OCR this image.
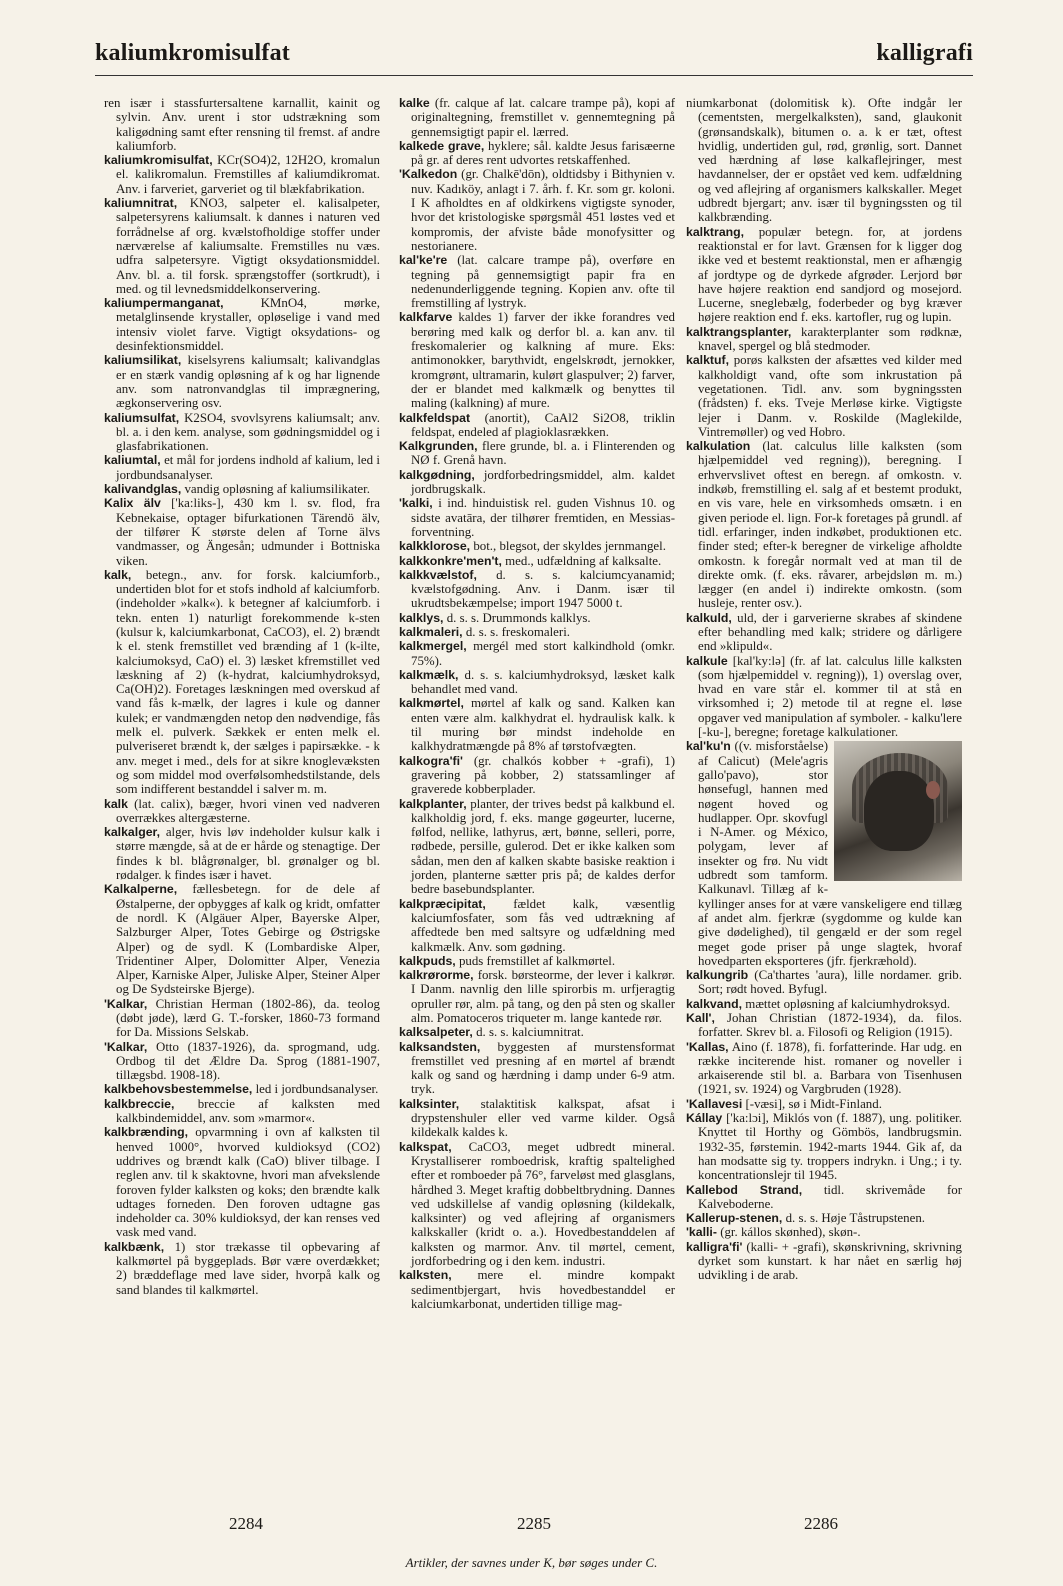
kaliumkromisulfat	kalligrafi

ren især i stassfurtersaltene karnallit, kainit og sylvin. Anv. urent i stor udstrækning som kaligødning samt efter rensning til fremst. af andre kaliumforb.

kaliumkromisulfat, KCr(SO4)2, 12H2O, kromalun el. kalikromalun. Fremstilles af kaliumdikromat. Anv. i farveriet, garveriet og til blækfabrikation.

kaliumnitrat, KNO3, salpeter el. kalisalpeter, salpetersyrens kaliumsalt. k dannes i naturen ved forrådnelse af org. kvælstofholdige stoffer under nærværelse af kaliumsalte. Fremstilles nu væs. udfra salpetersyre. Vigtigt oksydationsmiddel. Anv. bl. a. til forsk. sprængstoffer (sortkrudt), i med. og til levnedsmiddelkonservering.

kaliumpermanganat,	KMnO4, mørke, metalglinsende krystaller, opløselige i vand med intensiv violet farve. Vigtigt oksydations- og desinfektionsmiddel.

kaliumsilikat, kiselsyrens kaliumsalt; kalivandglas er en stærk vandig opløsning af k og har lignende anv. som natronvandglas til imprægnering, ægkonservering osv.

kaliumsulfat, K2SO4, svovlsyrens kaliumsalt; anv. bl. a. i den kem. analyse, som gødningsmiddel og i glasfabrikationen.

kaliumtal, et mål for jordens indhold af kalium, led i jordbundsanalyser.

kalivandglas, vandig opløsning af kaliumsilikater.

Kalix älv ['ka:liks-], 430 km l. sv. flod, fra Kebnekaise, optager bifurkationen Tärendö älv, der tilfører K største delen af Torne älvs vandmasser, og Ängesån; udmunder i Bottniska viken.

kalk, betegn., anv. for forsk. kalciumforb., undertiden blot for et stofs indhold af kalciumforb. (indeholder »kalk«). k betegner af kalciumforb. i tekn. enten 1) naturligt forekommende k-sten (kulsur k, kalciumkarbonat, CaCO3), el. 2) brændt k el. stenk fremstillet ved brænding af 1 (k-ilte, kalciumoksyd, CaO) el. 3) læsket kfremstillet ved læskning af 2) (k-hydrat, kalciumhydroksyd, Ca(OH)2). Foretages læskningen med overskud af vand fås k-mælk, der lagres i kule og danner kulek; er vandmængden netop den nødvendige, fås melk el. pulverk. Sækkek er enten melk el. pulveriseret brændt k, der sælges i papirsække. - k anv. meget i med., dels for at sikre knoglevæksten og som middel mod overfølsomhedstilstande, dels som indifferent bestanddel i salver m. m.

kalk (lat. calix), bæger, hvori vinen ved nadveren overrækkes altergæsterne.

kalkalger, alger, hvis løv indeholder kulsur kalk i større mængde, så at de er hårde og stenagtige. Der findes k bl. blågrønalger, bl. grønalger og bl. rødalger. k findes især i havet.

Kalkalperne, fællesbetegn. for de dele af Østalperne, der opbygges af kalk og kridt, omfatter de nordl. K (Algäuer Alper, Bayerske Alper, Salzburger Alper, Totes Gebirge og Østrigske Alper) og de sydl. K (Lombardiske Alper, Tridentiner Alper, Dolomitter Alper, Venezia Alper, Karniske Alper, Juliske Alper, Steiner Alper og De Sydsteirske Bjerge).

'Kalkar, Christian Herman (1802-86), da. teolog (døbt jøde), lærd G. T.-forsker, 1860-73 formand for Da. Missions Selskab.

'Kalkar, Otto (1837-1926), da. sprogmand, udg. Ordbog til det Ældre Da. Sprog (1881-1907, tillægsbd. 1908-18).

kalkbehovsbestemmelse, led i jordbundsanalyser.

kalkbreccie, breccie af kalksten med kalkbindemiddel, anv. som »marmor«.

kalkbrænding, opvarmning i ovn af kalksten til henved 1000°, hvorved kuldioksyd (CO2) uddrives og brændt kalk (CaO) bliver tilbage. I reglen anv. til k skaktovne, hvori man afvekslende foroven fylder kalksten og koks; den brændte kalk udtages forneden. Den foroven udtagne gas indeholder ca. 30% kuldioksyd, der kan renses ved vask med vand.

kalkbænk, 1) stor trækasse til opbevaring af kalkmørtel på byggeplads. Bør være overdækket; 2) bræddeflage med lave sider, hvorpå kalk og sand blandes til kalkmørtel.

kalke (fr. calque af lat. calcare trampe på), kopi af originaltegning, fremstillet v. gennemtegning på gennemsigtigt papir el. lærred.

kalkede grave, hyklere; sål. kaldte Jesus farisæerne på gr. af deres rent udvortes retskaffenhed.

'Kalkedon (gr. Chalkē'dōn), oldtidsby i Bithynien v. nuv. Kadıköy, anlagt i 7. årh. f. Kr. som gr. koloni. I K afholdtes en af oldkirkens vigtigste synoder, hvor det kristologiske spørgsmål 451 løstes ved et kompromis, der afviste både monofysitter og nestorianere.

kal'ke're (lat. calcare trampe på), overføre en tegning på gennemsigtigt papir fra en nedenunderliggende tegning. Kopien anv. ofte til fremstilling af lystryk.

kalkfarve kaldes 1) farver der ikke forandres ved berøring med kalk og derfor bl. a. kan anv. til freskomalerier og kalkning af mure. Eks: antimonokker, barythvidt, engelskrødt, jernokker, kromgrønt, ultramarin, kulørt glaspulver; 2) farver, der er blandet med kalkmælk og benyttes til maling (kalkning) af mure.

kalkfeldspat (anortit), CaAl2 Si2O8, triklin feldspat, endeled af plagioklasrækken.

Kalkgrunden, flere grunde, bl. a. i Flinterenden og NØ f. Grenå havn.

kalkgødning, jordforbedringsmiddel, alm. kaldet jordbrugskalk.

'kalki, i ind. hinduistisk rel. guden Vishnus 10. og sidste avatāra, der tilhører fremtiden, en Messias-forventning.

kalkklorose, bot., blegsot, der skyldes jernmangel.

kalkkonkre'men't, med., udfældning af kalksalte.

kalkkvælstof, d. s. s. kalciumcyanamid; kvælstofgødning. Anv. i Danm. især til ukrudtsbekæmpelse; import 1947 5000 t.

kalklys, d. s. s. Drummonds kalklys.

kalkmaleri, d. s. s. freskomaleri.

kalkmergel, mergél med stort kalkindhold (omkr. 75%).

kalkmælk, d. s. s. kalciumhydroksyd, læsket kalk behandlet med vand.

kalkmørtel, mørtel af kalk og sand. Kalken kan enten være alm. kalkhydrat el. hydraulisk kalk. k til muring bør mindst indeholde en kalkhydratmængde på 8% af tørstofvægten.

kalkogra'fi' (gr. chalkós kobber + -grafi), 1) gravering på kobber, 2) statssamlinger af graverede kobberplader.

kalkplanter, planter, der trives bedst på kalkbund el. kalkholdig jord, f. eks. mange gøgeurter, lucerne, følfod, nellike, lathyrus, ært, bønne, selleri, porre, rødbede, persille, gulerod. Det er ikke kalken som sådan, men den af kalken skabte basiske reaktion i jorden, planterne sætter pris på; de kaldes derfor bedre basebundsplanter.

kalkpræcipitat, fældet kalk, væsentlig kalciumfosfater, som fås ved udtrækning af affedtede ben med saltsyre og udfældning med kalkmælk. Anv. som gødning.

kalkpuds, puds fremstillet af kalkmørtel.

kalkrørorme, forsk. børsteorme, der lever i kalkrør. I Danm. navnlig den lille spirorbis m. urfjeragtig opruller rør, alm. på tang, og den på sten og skaller alm. Pomatoceros triqueter m. lange kantede rør.

kalksalpeter, d. s. s. kalciumnitrat.

kalksandsten, byggesten af murstensformat fremstillet ved presning af en mørtel af brændt kalk og sand og hærdning i damp under 6-9 atm. tryk.

kalksinter, stalaktitisk kalkspat, afsat i drypstenshuler eller ved varme kilder. Også kildekalk kaldes k.

kalkspat, CaCO3, meget udbredt mineral. Krystalliserer romboedrisk, kraftig spaltelighed efter et romboeder på 76°, farveløst med glasglans, hårdhed 3. Meget kraftig dobbeltbrydning. Dannes ved udskillelse af vandig opløsning (kildekalk, kalksinter) og ved aflejring af organismers kalkskaller (kridt o. a.). Hovedbestanddelen af kalksten og marmor. Anv. til mørtel, cement, jordforbedring og i den kem. industri.

kalksten, mere el. mindre kompakt sedimentbjergart, hvis hovedbestanddel er kalciumkarbonat, undertiden tillige mag-

niumkarbonat (dolomitisk k). Ofte indgår ler (cementsten, mergelkalksten), sand, glaukonit (grønsandskalk), bitumen o. a. k er tæt, oftest hvidlig, undertiden gul, rød, grønlig, sort. Dannet ved hærdning af løse kalkaflejringer, mest havdannelser, der er opstået ved kem. udfældning og ved aflejring af organismers kalkskaller. Meget udbredt bjergart; anv. især til bygningssten og til kalkbrænding.

kalktrang, populær betegn. for, at jordens reaktionstal er for lavt. Grænsen for k ligger dog ikke ved et bestemt reaktionstal, men er afhængig af jordtype og de dyrkede afgrøder. Lerjord bør have højere reaktion end sandjord og mosejord. Lucerne, sneglebælg, foderbeder og byg kræver højere reaktion end f. eks. kartofler, rug og lupin.

kalktrangsplanter, karakterplanter som rødknæ, knavel, spergel og blå stedmoder.

kalktuf, porøs kalksten der afsættes ved kilder med kalkholdigt vand, ofte som inkrustation på vegetationen. Tidl. anv. som bygningssten (frådsten) f. eks. Tveje Merløse kirke. Vigtigste lejer i Danm. v. Roskilde (Maglekilde, Vintremøller) og ved Hobro.

kalkulation (lat. calculus lille kalksten (som hjælpemiddel ved regning)), beregning. I erhvervslivet oftest en beregn. af omkostn. v. indkøb, fremstilling el. salg af et bestemt produkt, en vis vare, hele en virksomheds omsætn. i en given periode el. lign. For-k foretages på grundl. af tidl. erfaringer, inden indkøbet, produktionen etc. finder sted; efter-k beregner de virkelige afholdte omkostn. k foregår normalt ved at man til de direkte omk. (f. eks. råvarer, arbejdsløn m. m.) lægger (en andel i) indirekte omkostn. (som husleje, renter osv.).

kalkuld, uld, der i garverierne skrabes af skindene efter behandling med kalk; stridere og dårligere end »klipuld«.

kalkule [kal'ky:lə] (fr. af lat. calculus lille kalksten (som hjælpemiddel v. regning)), 1) overslag over, hvad en vare står el. kommer til at stå en virksomhed i; 2) metode til at regne el. løse opgaver ved manipulation af symboler. - kalku'lere [-ku-], beregne; foretage kalkulationer.

kal'ku'n ((v. misforståelse) af Calicut) (Mele'agris gallo'pavo), stor hønsefugl, hannen med nøgent hoved og hudlapper. Opr. skovfugl i N-Amer. og México, polygam, lever af insekter og frø. Nu vidt udbredt som tamform. Kalkunavl. Tillæg af k-kyllinger anses for at være vanskeligere end tillæg af andet alm. fjerkræ (sygdomme og kulde kan give dødelighed), til gengæld er der som regel meget gode priser på unge slagtek, hvoraf hovedparten eksporteres (jfr. fjerkræhold).

kalkungrib (Ca'thartes 'aura), lille nordamer. grib. Sort; rødt hoved. Byfugl.

kalkvand, mættet opløsning af kalciumhydroksyd.

Kall', Johan Christian (1872-1934), da. filos. forfatter. Skrev bl. a. Filosofi og Religion (1915).

'Kallas, Aino (f. 1878), fi. forfatterinde. Har udg. en række inciterende hist. romaner og noveller i arkaiserende stil bl. a. Barbara von Tisenhusen (1921, sv. 1924) og Vargbruden (1928).

'Kallavesi [-væsi], sø i Midt-Finland.

Kállay ['ka:lɔi], Miklós von (f. 1887), ung. politiker. Knyttet til Horthy og Gömbös, landbrugsmin. 1932-35, førstemin. 1942-marts 1944. Gik af, da han modsatte sig ty. troppers indrykn. i Ung.; i ty. koncentrationslejr til 1945.

Kallebod Strand, tidl. skrivemåde for Kalveboderne.

Kallerup-stenen, d. s. s. Høje Tåstrupstenen.

'kalli- (gr. kállos skønhed), skøn-.

kalligra'fi' (kalli- + -grafi), skønskrivning, skrivning dyrket som kunstart. k har nået en særlig høj udvikling i de arab.

2284	2285	2286
Artikler, der savnes under K, bør søges under C.
